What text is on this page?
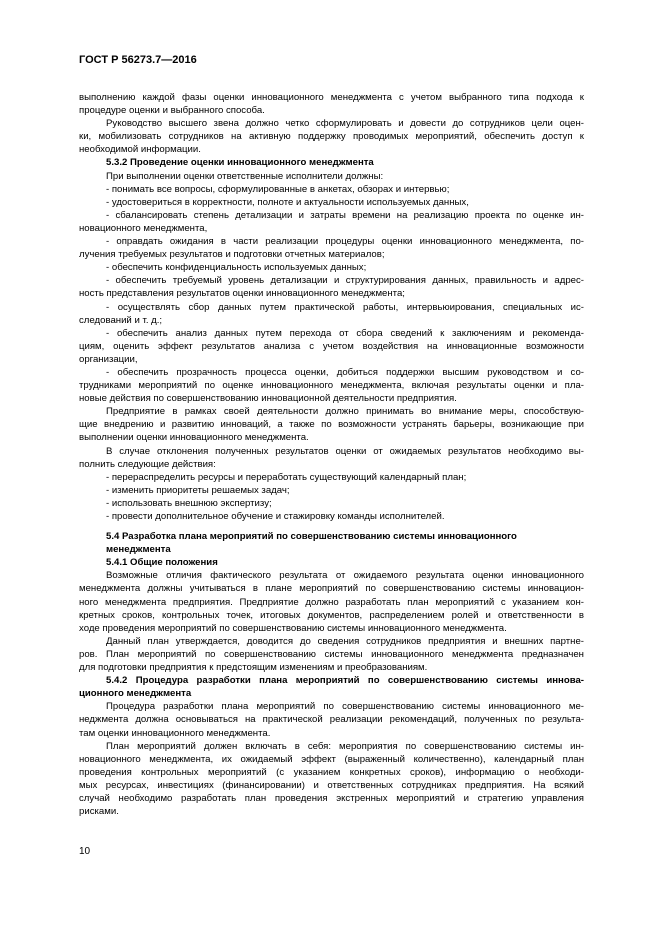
ГОСТ Р 56273.7—2016
выполнению каждой фазы оценки инновационного менеджмента с учетом выбранного типа подхода к
процедуре оценки и выбранного способа.
Руководство высшего звена должно четко сформулировать и довести до сотрудников цели оцен-
ки, мобилизовать сотрудников на активную поддержку проводимых мероприятий, обеспечить доступ к
необходимой информации.
5.3.2 Проведение оценки инновационного менеджмента
При выполнении оценки ответственные исполнители должны:
- понимать все вопросы, сформулированные в анкетах, обзорах и интервью;
- удостовериться в корректности, полноте и актуальности используемых данных,
- сбалансировать степень детализации и затраты времени на реализацию проекта по оценке ин-
новационного менеджмента,
- оправдать ожидания в части реализации процедуры оценки инновационного менеджмента, по-
лучения требуемых результатов и подготовки отчетных материалов;
- обеспечить конфиденциальность используемых данных;
- обеспечить требуемый уровень детализации и структурирования данных, правильность и адрес-
ность представления результатов оценки инновационного менеджмента;
- осуществлять сбор данных путем практической работы, интервьюирования, специальных ис-
следований и т. д.;
- обеспечить анализ данных путем перехода от сбора сведений к заключениям и рекоменда-
циям, оценить эффект результатов анализа с учетом воздействия на инновационные возможности
организации,
- обеспечить прозрачность процесса оценки, добиться поддержки высшим руководством и со-
трудниками мероприятий по оценке инновационного менеджмента, включая результаты оценки и пла-
новые действия по совершенствованию инновационной деятельности предприятия.
Предприятие в рамках своей деятельности должно принимать во внимание меры, способствую-
щие внедрению и развитию инноваций, а также по возможности устранять барьеры, возникающие при
выполнении оценки инновационного менеджмента.
В случае отклонения полученных результатов оценки от ожидаемых результатов необходимо вы-
полнить следующие действия:
- перераспределить ресурсы и переработать существующий календарный план;
- изменить приоритеты решаемых задач;
- использовать внешнюю экспертизу;
- провести дополнительное обучение и стажировку команды исполнителей.
5.4 Разработка плана мероприятий по совершенствованию системы инновационного
менеджмента
5.4.1 Общие положения
Возможные отличия фактического результата от ожидаемого результата оценки инновационного
менеджмента должны учитываться в плане мероприятий по совершенствованию системы инновацион-
ного менеджмента предприятия. Предприятие должно разработать план мероприятий с указанием кон-
кретных сроков, контрольных точек, итоговых документов, распределением ролей и ответственности в
ходе проведения мероприятий по совершенствованию системы инновационного менеджмента.
Данный план утверждается, доводится до сведения сотрудников предприятия и внешних партне-
ров. План мероприятий по совершенствованию системы инновационного менеджмента предназначен
для подготовки предприятия к предстоящим изменениям и преобразованиям.
5.4.2 Процедура разработки плана мероприятий по совершенствованию системы иннова-
ционного менеджмента
Процедура разработки плана мероприятий по совершенствованию системы инновационного ме-
неджмента должна основываться на практической реализации рекомендаций, полученных по результа-
там оценки инновационного менеджмента.
План мероприятий должен включать в себя: мероприятия по совершенствованию системы ин-
новационного менеджмента, их ожидаемый эффект (выраженный количественно), календарный план
проведения контрольных мероприятий (с указанием конкретных сроков), информацию о необходи-
мых ресурсах, инвестициях (финансировании) и ответственных сотрудниках предприятия. На всякий
случай необходимо разработать план проведения экстренных мероприятий и стратегию управления
рисками.
10
